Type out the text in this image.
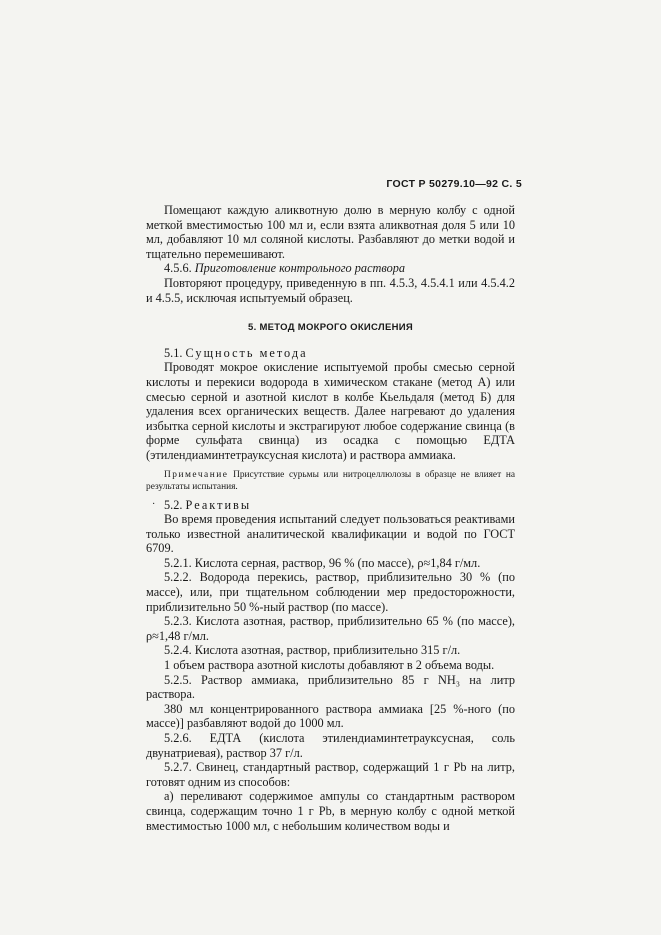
ГОСТ Р 50279.10—92 С. 5

Помещают каждую аликвотную долю в мерную колбу с одной меткой вместимостью 100 мл и, если взята аликвотная доля 5 или 10 мл, добавляют 10 мл соляной кислоты. Разбавляют до метки водой и тщательно перемешивают.

4.5.6. Приготовление контрольного раствора

Повторяют процедуру, приведенную в пп. 4.5.3, 4.5.4.1 или 4.5.4.2 и 4.5.5, исключая испытуемый образец.

5. МЕТОД МОКРОГО ОКИСЛЕНИЯ

5.1. Сущность метода

Проводят мокрое окисление испытуемой пробы смесью серной кислоты и перекиси водорода в химическом стакане (метод А) или смесью серной и азотной кислот в колбе Кьельдаля (метод Б) для удаления всех органических веществ. Далее нагревают до удаления избытка серной кислоты и экстрагируют любое содержание свинца (в форме сульфата свинца) из осадка с помощью ЕДТА (этилендиаминтетрауксусная кислота) и раствора аммиака.

Примечание Присутствие сурьмы или нитроцеллюлозы в образце не влияет на результаты испытания.

· 5.2. Реактивы

Во время проведения испытаний следует пользоваться реактивами только известной аналитической квалификации и водой по ГОСТ 6709.

5.2.1. Кислота серная, раствор, 96 % (по массе), ρ≈1,84 г/мл.

5.2.2. Водорода перекись, раствор, приблизительно 30 % (по массе), или, при тщательном соблюдении мер предосторожности, приблизительно 50 %-ный раствор (по массе).

5.2.3. Кислота азотная, раствор, приблизительно 65 % (по массе), ρ≈1,48 г/мл.

5.2.4. Кислота азотная, раствор, приблизительно 315 г/л.

1 объем раствора азотной кислоты добавляют в 2 объема воды.

5.2.5. Раствор аммиака, приблизительно 85 г NH₃ на литр раствора.

380 мл концентрированного раствора аммиака [25 %-ного (по массе)] разбавляют водой до 1000 мл.

5.2.6. ЕДТА (кислота этилендиаминтетрауксусная, соль двунатриевая), раствор 37 г/л.

5.2.7. Свинец, стандартный раствор, содержащий 1 г Pb на литр, готовят одним из способов:

а) переливают содержимое ампулы со стандартным раствором свинца, содержащим точно 1 г Pb, в мерную колбу с одной меткой вместимостью 1000 мл, с небольшим количеством воды и
